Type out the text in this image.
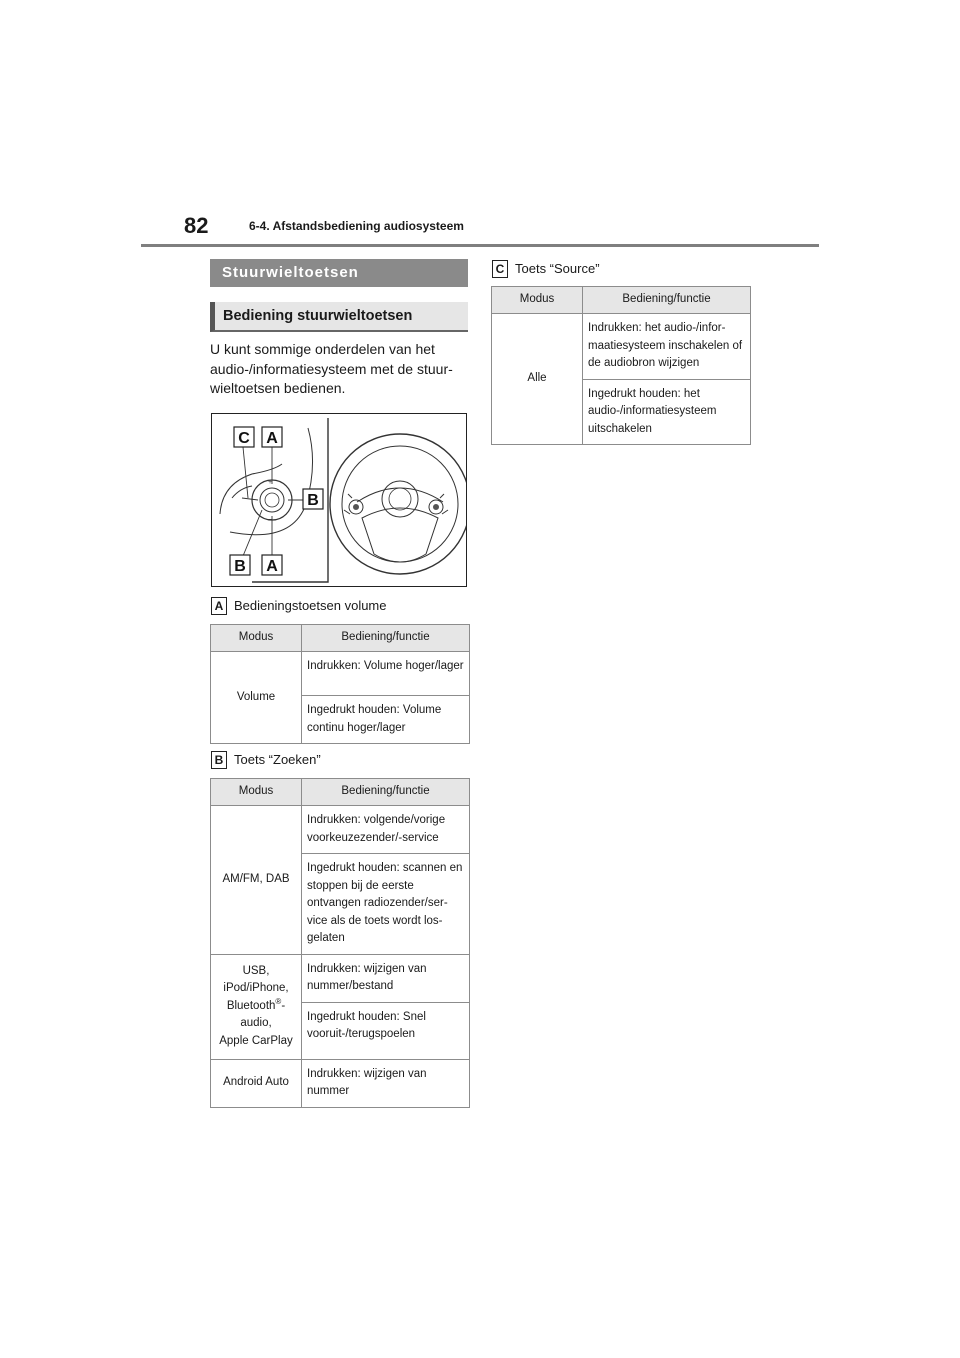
82	6-4. Afstandsbediening audiosysteem
Stuurwieltoetsen
Bediening stuurwieltoetsen
U kunt sommige onderdelen van het
audio-/informatiesysteem met de stuur-
wieltoetsen bedienen.
+
−
C A
B
B A
A Bedieningstoetsen volume
Modus	Bediening/functie
Volume	Indrukken: Volume hoger/lager
	Ingedrukt houden: Volume continu hoger/lager
B Toets “Zoeken”
Modus	Bediening/functie
AM/FM, DAB	Indrukken: volgende/vorige voorkeuzezender/-service
	Ingedrukt houden: scannen en stoppen bij de eerste ontvangen radiozender/ser-vice als de toets wordt los-gelaten

USB,
iPod/iPhone,
Bluetooth®-
audio,
Apple CarPlay	Indrukken: wijzigen van nummer/bestand
	Ingedrukt houden: Snel vooruit-/terugspoelen
Android Auto	Indrukken: wijzigen van nummer
C Toets “Source”
Modus	Bediening/functie
Alle	Indrukken: het audio-/infor-maatiesysteem inschakelen of de audiobron wijzigen
	Ingedrukt houden: het audio-/informatiesysteem uitschakelen
